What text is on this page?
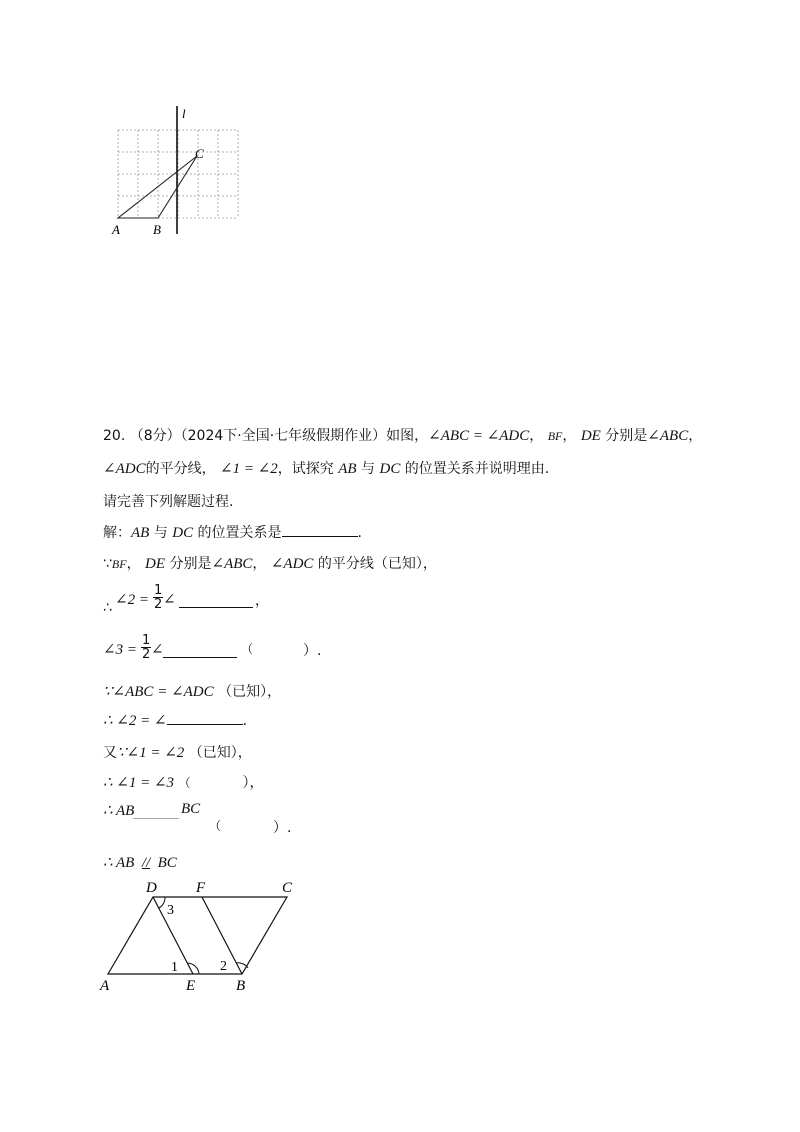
l
A	B
C
20. （8分）（2024下·全国·七年级假期作业）如图，∠ABC = ∠ADC， BF， DE 分别是∠ABC，
∠ADC的平分线， ∠1 = ∠2，试探究 AB 与 DC 的位置关系并说明理由.
请完善下列解题过程.
解：AB 与 DC 的位置关系是	.
∵BF， DE 分别是∠ABC， ∠ADC 的平分线（已知），
∴ ∠2 = $\frac{1}{2}$ ∠	，
∠3 = $\frac{1}{2}$ ∠	（	）.
∵∠ABC = ∠ADC （已知），
∴ ∠2 = ∠	.
又∵∠1 = ∠2 （已知），
∴ ∠1 = ∠3 （	），
∴ AB	BC
（	）.
∴ AB // BC
D	F	C
3
1	2
A	E	B
